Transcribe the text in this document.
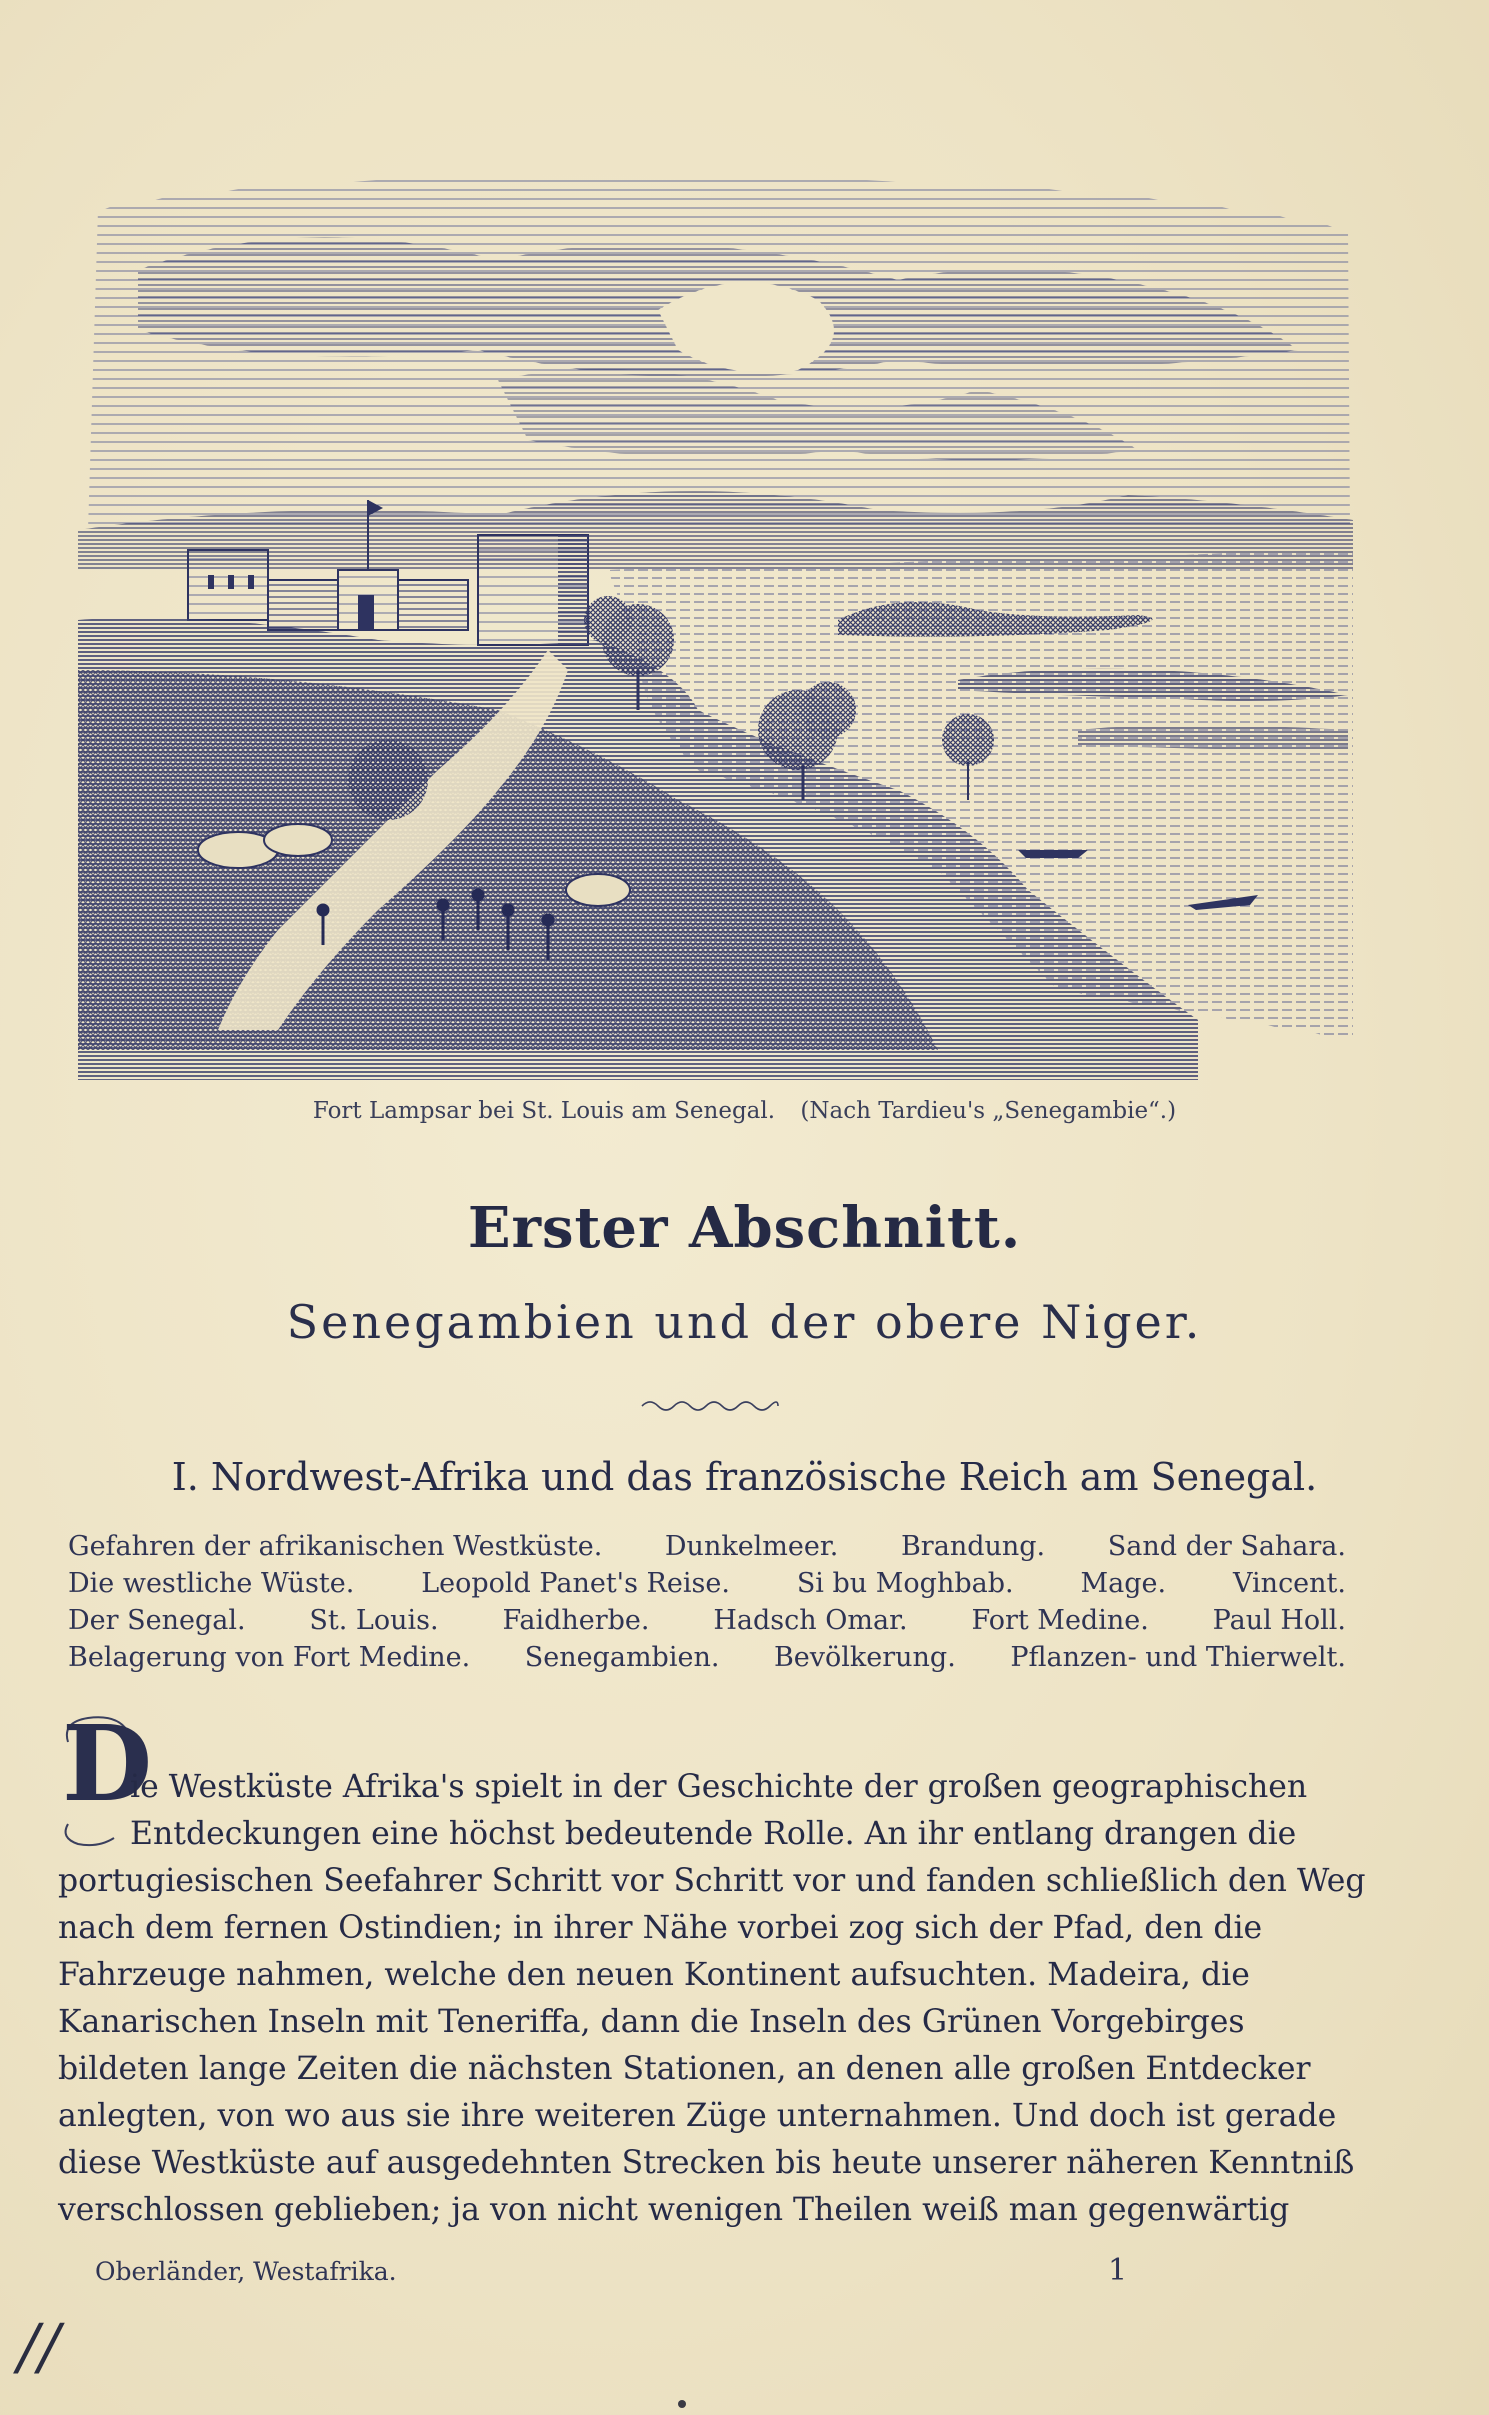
Fort Lampsar bei St. Louis am Senegal. (Nach Tardieu's „Senegambie“.)
Erster Abschnitt.
Senegambien und der obere Niger.
I. Nordwest-Afrika und das französische Reich am Senegal.
Gefahren der afrikanischen Westküste. Dunkelmeer. Brandung. Sand der Sahara.
Die westliche Wüste. Leopold Panet's Reise. Si bu Moghbab. Mage. Vincent.
Der Senegal. St. Louis. Faidherbe. Hadsch Omar. Fort Medine. Paul Holl.
Belagerung von Fort Medine. Senegambien. Bevölkerung. Pflanzen- und Thierwelt.
D
ie Westküste Afrika's spielt in der Geschichte der großen geographischen
Entdeckungen eine höchst bedeutende Rolle. An ihr entlang drangen die
portugiesischen Seefahrer Schritt vor Schritt vor und fanden schließlich den Weg
nach dem fernen Ostindien; in ihrer Nähe vorbei zog sich der Pfad, den die
Fahrzeuge nahmen, welche den neuen Kontinent aufsuchten. Madeira, die
Kanarischen Inseln mit Teneriffa, dann die Inseln des Grünen Vorgebirges
bildeten lange Zeiten die nächsten Stationen, an denen alle großen Entdecker
anlegten, von wo aus sie ihre weiteren Züge unternahmen. Und doch ist gerade
diese Westküste auf ausgedehnten Strecken bis heute unserer näheren Kenntniß
verschlossen geblieben; ja von nicht wenigen Theilen weiß man gegenwärtig
Oberländer, Westafrika.	1
//
